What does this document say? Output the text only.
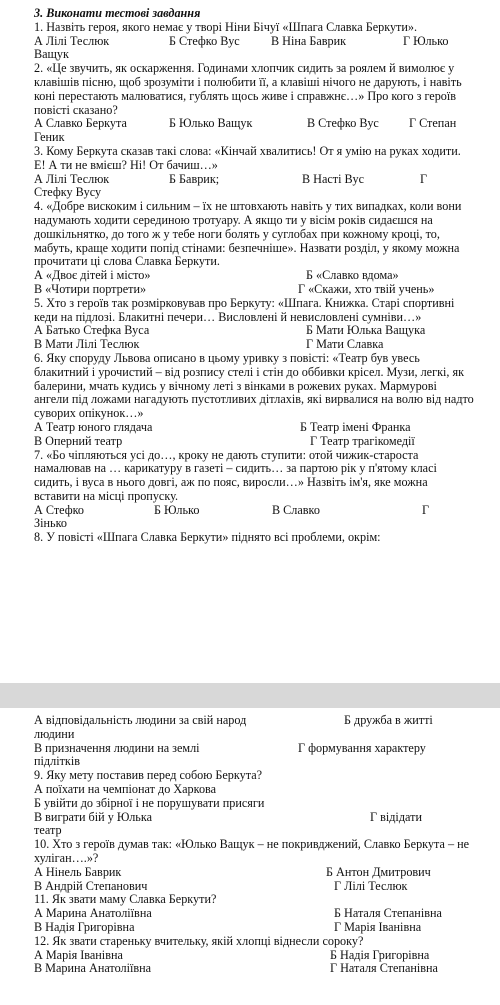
3. Виконати тестові завдання

1. Назвіть героя, якого немає у творі Ніни Бічуї «Шпага Славка Беркути».

А Лілі Теслюк	Б Стефко Вус	В Ніна Баврик	Г Юлько

Ващук

2. «Це звучить, як оскарження. Годинами хлопчик сидить за роялем й вимолює у клавішів пісню, щоб зрозуміти і полюбити її, а клавіші нічого не дарують, і навіть коні перестають малюватися, гублять щось живе і справжнє…» Про кого з героїв повісті сказано?

А Славко Беркута	Б Юлько Ващук	В Стефко Вус	Г Степан

Геник

3. Кому Беркута сказав такі слова: «Кінчай хвалитись! От я умію на руках ходити. Е! А ти не вмієш? Ні! От бачиш…»

А Лілі Теслюк	Б Баврик;	В Насті Вус	Г

Стефку Вусу

4. «Добре вискоким і сильним – їх не штовхають навіть у тих випадках, коли вони надумають ходити серединою тротуару. А якщо ти у вісім років сидаєшся на дошкільнятко, до того ж у тебе ноги болять у суглобах при кожному кроці, то, мабуть, краще ходити попід стінами: безпечніше». Назвати розділ, у якому можна прочитати ці слова Славка Беркути.

А «Двоє дітей і місто»	Б «Славко вдома»
В «Чотири портрети»	Г «Скажи, хто твій учень»

5. Хто з героїв так розмірковував про Беркуту: «Шпага. Книжка. Старі спортивні кеди на підлозі. Блакитні печери… Висловлені й невисловлені сумніви…»

А Батько Стефка Вуса	Б Мати Юлька Ващука
В Мати Лілі Теслюк	Г Мати Славка

6. Яку споруду Львова описано в цьому уривку з повісті: «Театр був увесь блакитний і урочистий – від розпису стелі і стін до оббивки крісел. Музи, легкі, як балерини, мчать кудись у вічному леті з вінками в рожевих руках. Мармурові ангели під ложами нагадують пустотливих дітлахів, які вирвалися на волю від надто суворих опікунок…»

А Театр юного глядача	Б Театр імені Франка
В Оперний театр	Г Театр трагікомедії

7. «Бо чіпляються усі до…, кроку не дають ступити: отой чижик-староста намалював на … карикатуру в газеті – сидить… за партою рік у п'ятому класі сидить, і вуса в нього довгі, аж по пояс, виросли…» Назвіть ім'я, яке можна вставити на місці пропуску.

А Стефко	Б Юлько	В Славко	Г

Зінько

8. У повісті «Шпага Славка Беркути» піднято всі проблеми, окрім:

А відповідальність людини за свій народ	Б дружба в житті

людини

В призначення людини на землі	Г формування характеру

підлітків

9. Яку мету поставив перед собою Беркута?

А поїхати на чемпіонат до Харкова

Б увійти до збірної і не порушувати присяги

В виграти бій у Юлька	Г відідати

театр

10. Хто з героїв думав так: «Юлько Ващук – не покривджений, Славко Беркута – не хуліган….»?

А Нінель Баврик	Б Антон Дмитрович
В Андрій Степанович	Г Лілі Теслюк

11. Як звати маму Славка Беркути?

А Марина Анатоліївна	Б Наталя Степанівна
В Надія Григорівна	Г Марія Іванівна

12. Як звати стареньку вчительку, якій хлопці віднесли сороку?

А Марія Іванівна	Б Надія Григорівна
В Марина Анатоліївна	Г Наталя Степанівна
